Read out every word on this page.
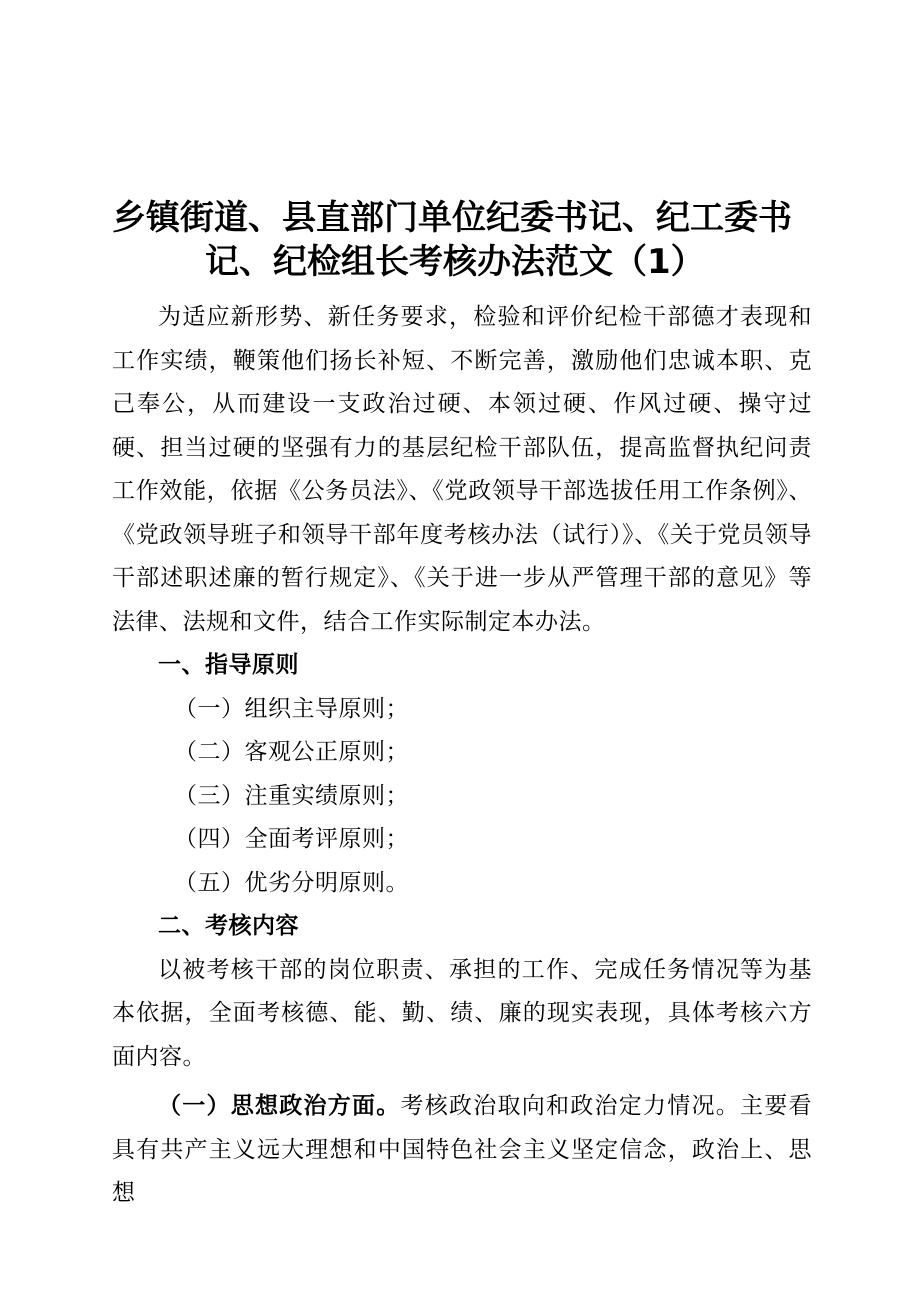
乡镇街道、县直部门单位纪委书记、纪工委书
记、纪检组长考核办法范文（1）

为适应新形势、新任务要求，检验和评价纪检干部德才表现和工作实绩，鞭策他们扬长补短、不断完善，激励他们忠诚本职、克己奉公，从而建设一支政治过硬、本领过硬、作风过硬、操守过硬、担当过硬的坚强有力的基层纪检干部队伍，提高监督执纪问责工作效能，依据《公务员法》、《党政领导干部选拔任用工作条例》、《党政领导班子和领导干部年度考核办法（试行）》、《关于党员领导干部述职述廉的暂行规定》、《关于进一步从严管理干部的意见》等法律、法规和文件，结合工作实际制定本办法。

一、指导原则

（一）组织主导原则；

（二）客观公正原则；

（三）注重实绩原则；

（四）全面考评原则；

（五）优劣分明原则。

二、考核内容

以被考核干部的岗位职责、承担的工作、完成任务情况等为基本依据，全面考核德、能、勤、绩、廉的现实表现，具体考核六方面内容。

（一）思想政治方面。考核政治取向和政治定力情况。主要看具有共产主义远大理想和中国特色社会主义坚定信念，政治上、思想
